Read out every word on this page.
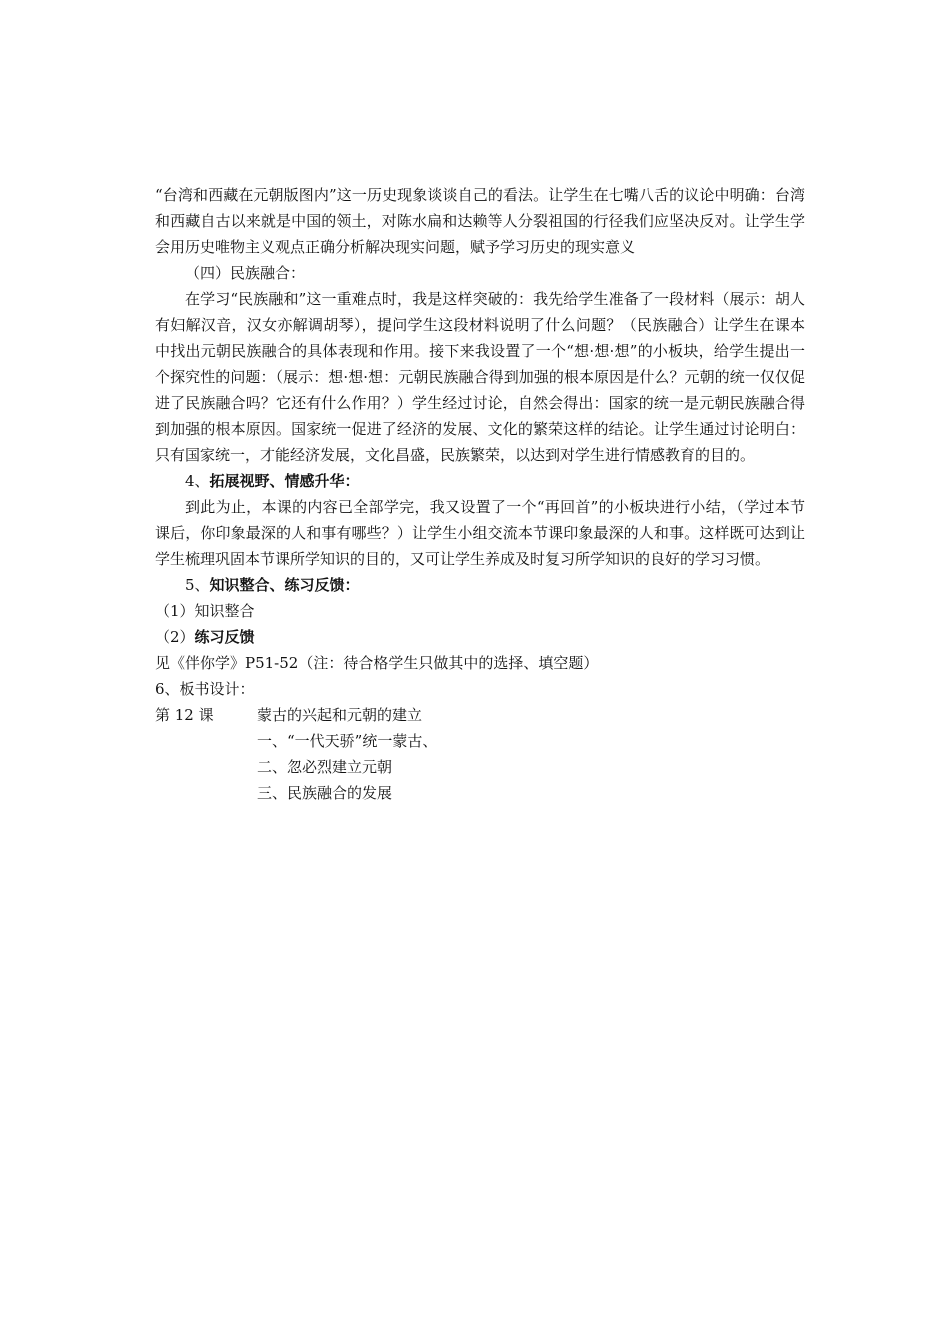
“台湾和西藏在元朝版图内”这一历史现象谈谈自己的看法。让学生在七嘴八舌的议论中明确：台湾和西藏自古以来就是中国的领土，对陈水扁和达赖等人分裂祖国的行径我们应坚决反对。让学生学会用历史唯物主义观点正确分析解决现实问题，赋予学习历史的现实意义

（四）民族融合：

在学习“民族融和”这一重难点时，我是这样突破的：我先给学生准备了一段材料（展示：胡人有妇解汉音，汉女亦解调胡琴），提问学生这段材料说明了什么问题？（民族融合）让学生在课本中找出元朝民族融合的具体表现和作用。接下来我设置了一个“想·想·想”的小板块，给学生提出一个探究性的问题：（展示：想·想·想：元朝民族融合得到加强的根本原因是什么？元朝的统一仅仅促进了民族融合吗？它还有什么作用？）学生经过讨论，自然会得出：国家的统一是元朝民族融合得到加强的根本原因。国家统一促进了经济的发展、文化的繁荣这样的结论。让学生通过讨论明白：只有国家统一，才能经济发展，文化昌盛，民族繁荣，以达到对学生进行情感教育的目的。

4、拓展视野、情感升华：

到此为止，本课的内容已全部学完，我又设置了一个“再回首”的小板块进行小结，（学过本节课后，你印象最深的人和事有哪些？）让学生小组交流本节课印象最深的人和事。这样既可达到让学生梳理巩固本节课所学知识的目的，又可让学生养成及时复习所学知识的良好的学习习惯。

5、知识整合、练习反馈：

（1）知识整合

（2）练习反馈

见《伴你学》P51-52（注：待合格学生只做其中的选择、填空题）

6、板书设计：

第 12 课	蒙古的兴起和元朝的建立

一、“一代天骄”统一蒙古、

二、忽必烈建立元朝

三、民族融合的发展
